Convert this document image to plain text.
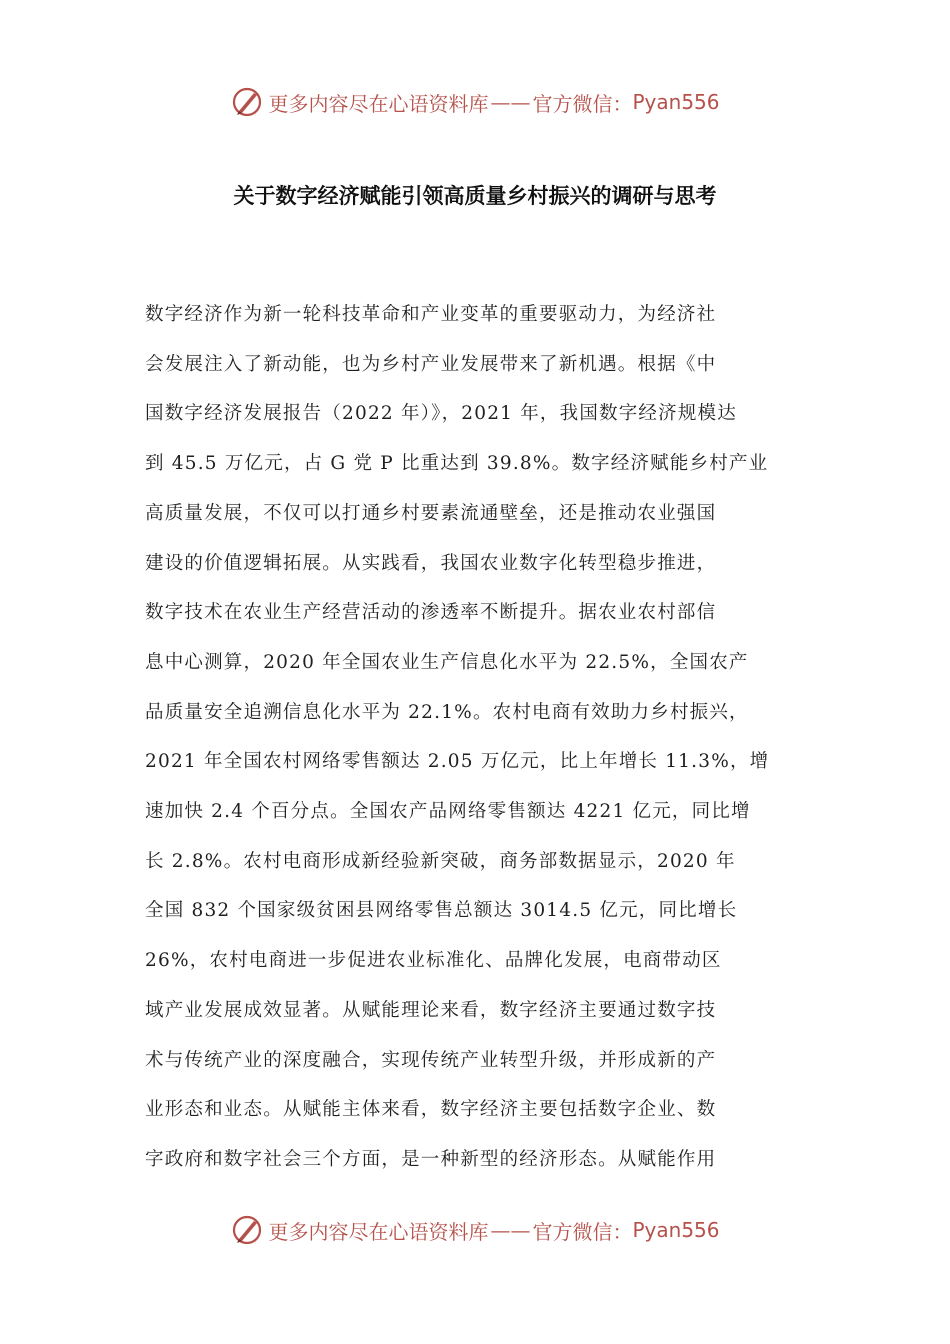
更多内容尽在心语资料库 —— 官方微信： Pyan556
关于数字经济赋能引领高质量乡村振兴的调研与思考
数字经济作为新一轮科技革命和产业变革的重要驱动力，为经济社
会发展注入了新动能，也为乡村产业发展带来了新机遇。根据《中
国数字经济发展报告（2022 年）》，2021 年，我国数字经济规模达
到 45.5 万亿元，占 G 党 P 比重达到 39.8%。数字经济赋能乡村产业
高质量发展，不仅可以打通乡村要素流通壁垒，还是推动农业强国
建设的价值逻辑拓展。从实践看，我国农业数字化转型稳步推进，
数字技术在农业生产经营活动的渗透率不断提升。据农业农村部信
息中心测算，2020 年全国农业生产信息化水平为 22.5%，全国农产
品质量安全追溯信息化水平为 22.1%。农村电商有效助力乡村振兴，
2021 年全国农村网络零售额达 2.05 万亿元，比上年增长 11.3%，增
速加快 2.4 个百分点。全国农产品网络零售额达 4221 亿元，同比增
长 2.8%。农村电商形成新经验新突破，商务部数据显示，2020 年
全国 832 个国家级贫困县网络零售总额达 3014.5 亿元，同比增长
26%，农村电商进一步促进农业标准化、品牌化发展，电商带动区
域产业发展成效显著。从赋能理论来看，数字经济主要通过数字技
术与传统产业的深度融合，实现传统产业转型升级，并形成新的产
业形态和业态。从赋能主体来看，数字经济主要包括数字企业、数
字政府和数字社会三个方面，是一种新型的经济形态。从赋能作用
更多内容尽在心语资料库 —— 官方微信： Pyan556
